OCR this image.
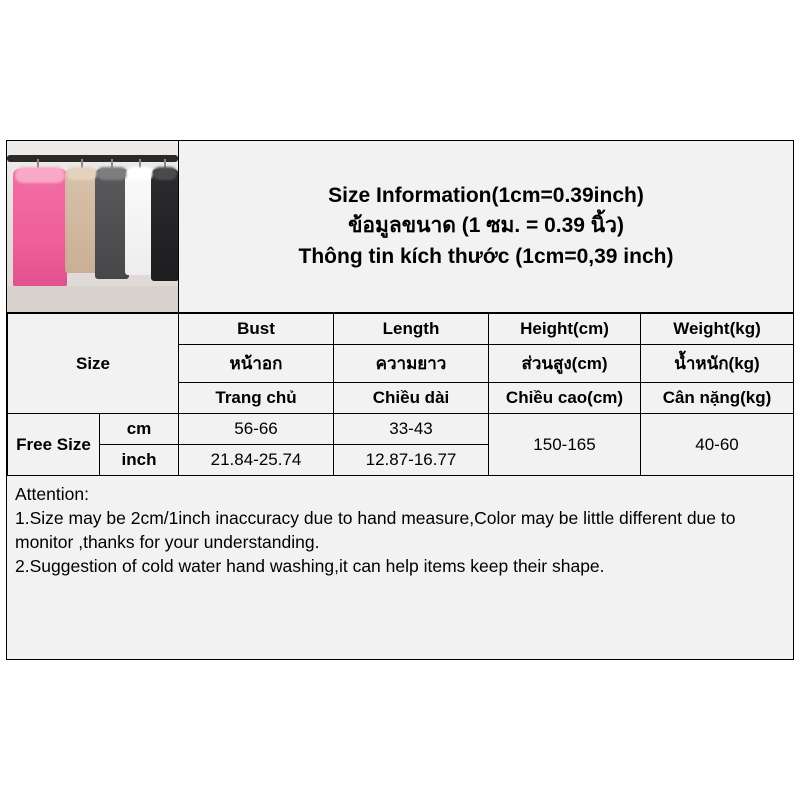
Size Information(1cm=0.39inch)
ข้อมูลขนาด (1 ซม. = 0.39 นิ้ว)
Thông tin kích thước (1cm=0,39 inch)
Size		Bust	Length	Height(cm)	Weight(kg)
		หน้าอก	ความยาว	ส่วนสูง(cm)	น้ำหนัก(kg)
		Trang chủ	Chiều dài	Chiều cao(cm)	Cân nặng(kg)
Free Size	cm	56-66	33-43	150-165	40-60
	inch	21.84-25.74	12.87-16.77		

Attention:

1.Size may be 2cm/1inch inaccuracy due to hand measure,Color may be little different due to monitor ,thanks for your understanding.

2.Suggestion of cold water hand washing,it can help items keep their shape.
